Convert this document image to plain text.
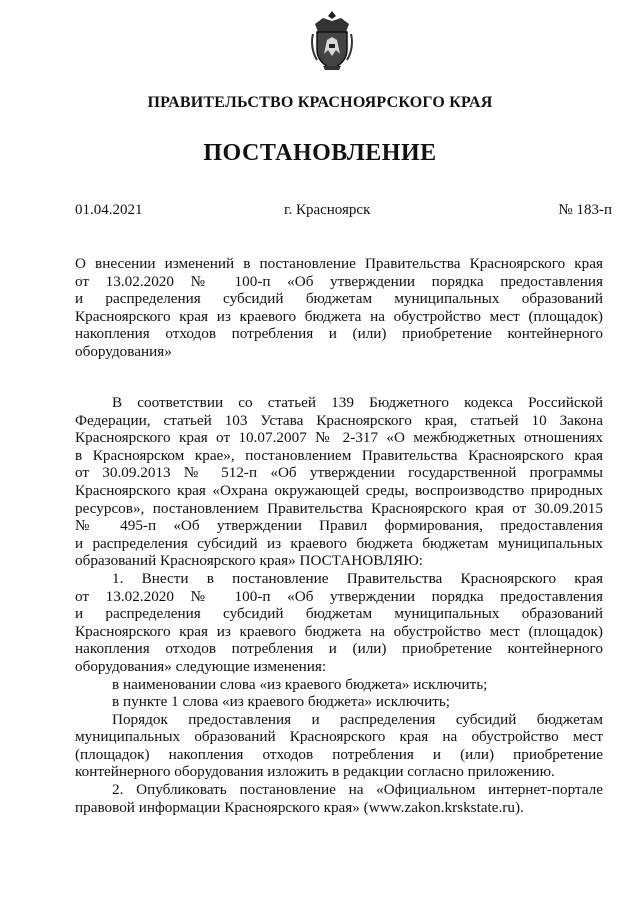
ПРАВИТЕЛЬСТВО КРАСНОЯРСКОГО КРАЯ
ПОСТАНОВЛЕНИЕ
01.04.2021	г. Красноярск	№ 183-п
О внесении изменений в постановление Правительства Красноярского края
от 13.02.2020 № 100-п «Об утверждении порядка предоставления
и распределения субсидий бюджетам муниципальных образований
Красноярского края из краевого бюджета на обустройство мест (площадок)
накопления отходов потребления и (или) приобретение контейнерного
оборудования»
В соответствии со статьей 139 Бюджетного кодекса Российской
Федерации, статьей 103 Устава Красноярского края, статьей 10 Закона
Красноярского края от 10.07.2007 № 2-317 «О межбюджетных отношениях
в Красноярском крае», постановлением Правительства Красноярского края
от 30.09.2013 № 512-п «Об утверждении государственной программы
Красноярского края «Охрана окружающей среды, воспроизводство природных
ресурсов», постановлением Правительства Красноярского края от 30.09.2015
№ 495-п «Об утверждении Правил формирования, предоставления
и распределения субсидий из краевого бюджета бюджетам муниципальных
образований Красноярского края» ПОСТАНОВЛЯЮ:
1. Внести в постановление Правительства Красноярского края
от 13.02.2020 № 100-п «Об утверждении порядка предоставления
и распределения субсидий бюджетам муниципальных образований
Красноярского края из краевого бюджета на обустройство мест (площадок)
накопления отходов потребления и (или) приобретение контейнерного
оборудования» следующие изменения:
в наименовании слова «из краевого бюджета» исключить;
в пункте 1 слова «из краевого бюджета» исключить;
Порядок предоставления и распределения субсидий бюджетам
муниципальных образований Красноярского края на обустройство мест
(площадок) накопления отходов потребления и (или) приобретение
контейнерного оборудования изложить в редакции согласно приложению.
2. Опубликовать постановление на «Официальном интернет-портале
правовой информации Красноярского края» (www.zakon.krskstate.ru).
